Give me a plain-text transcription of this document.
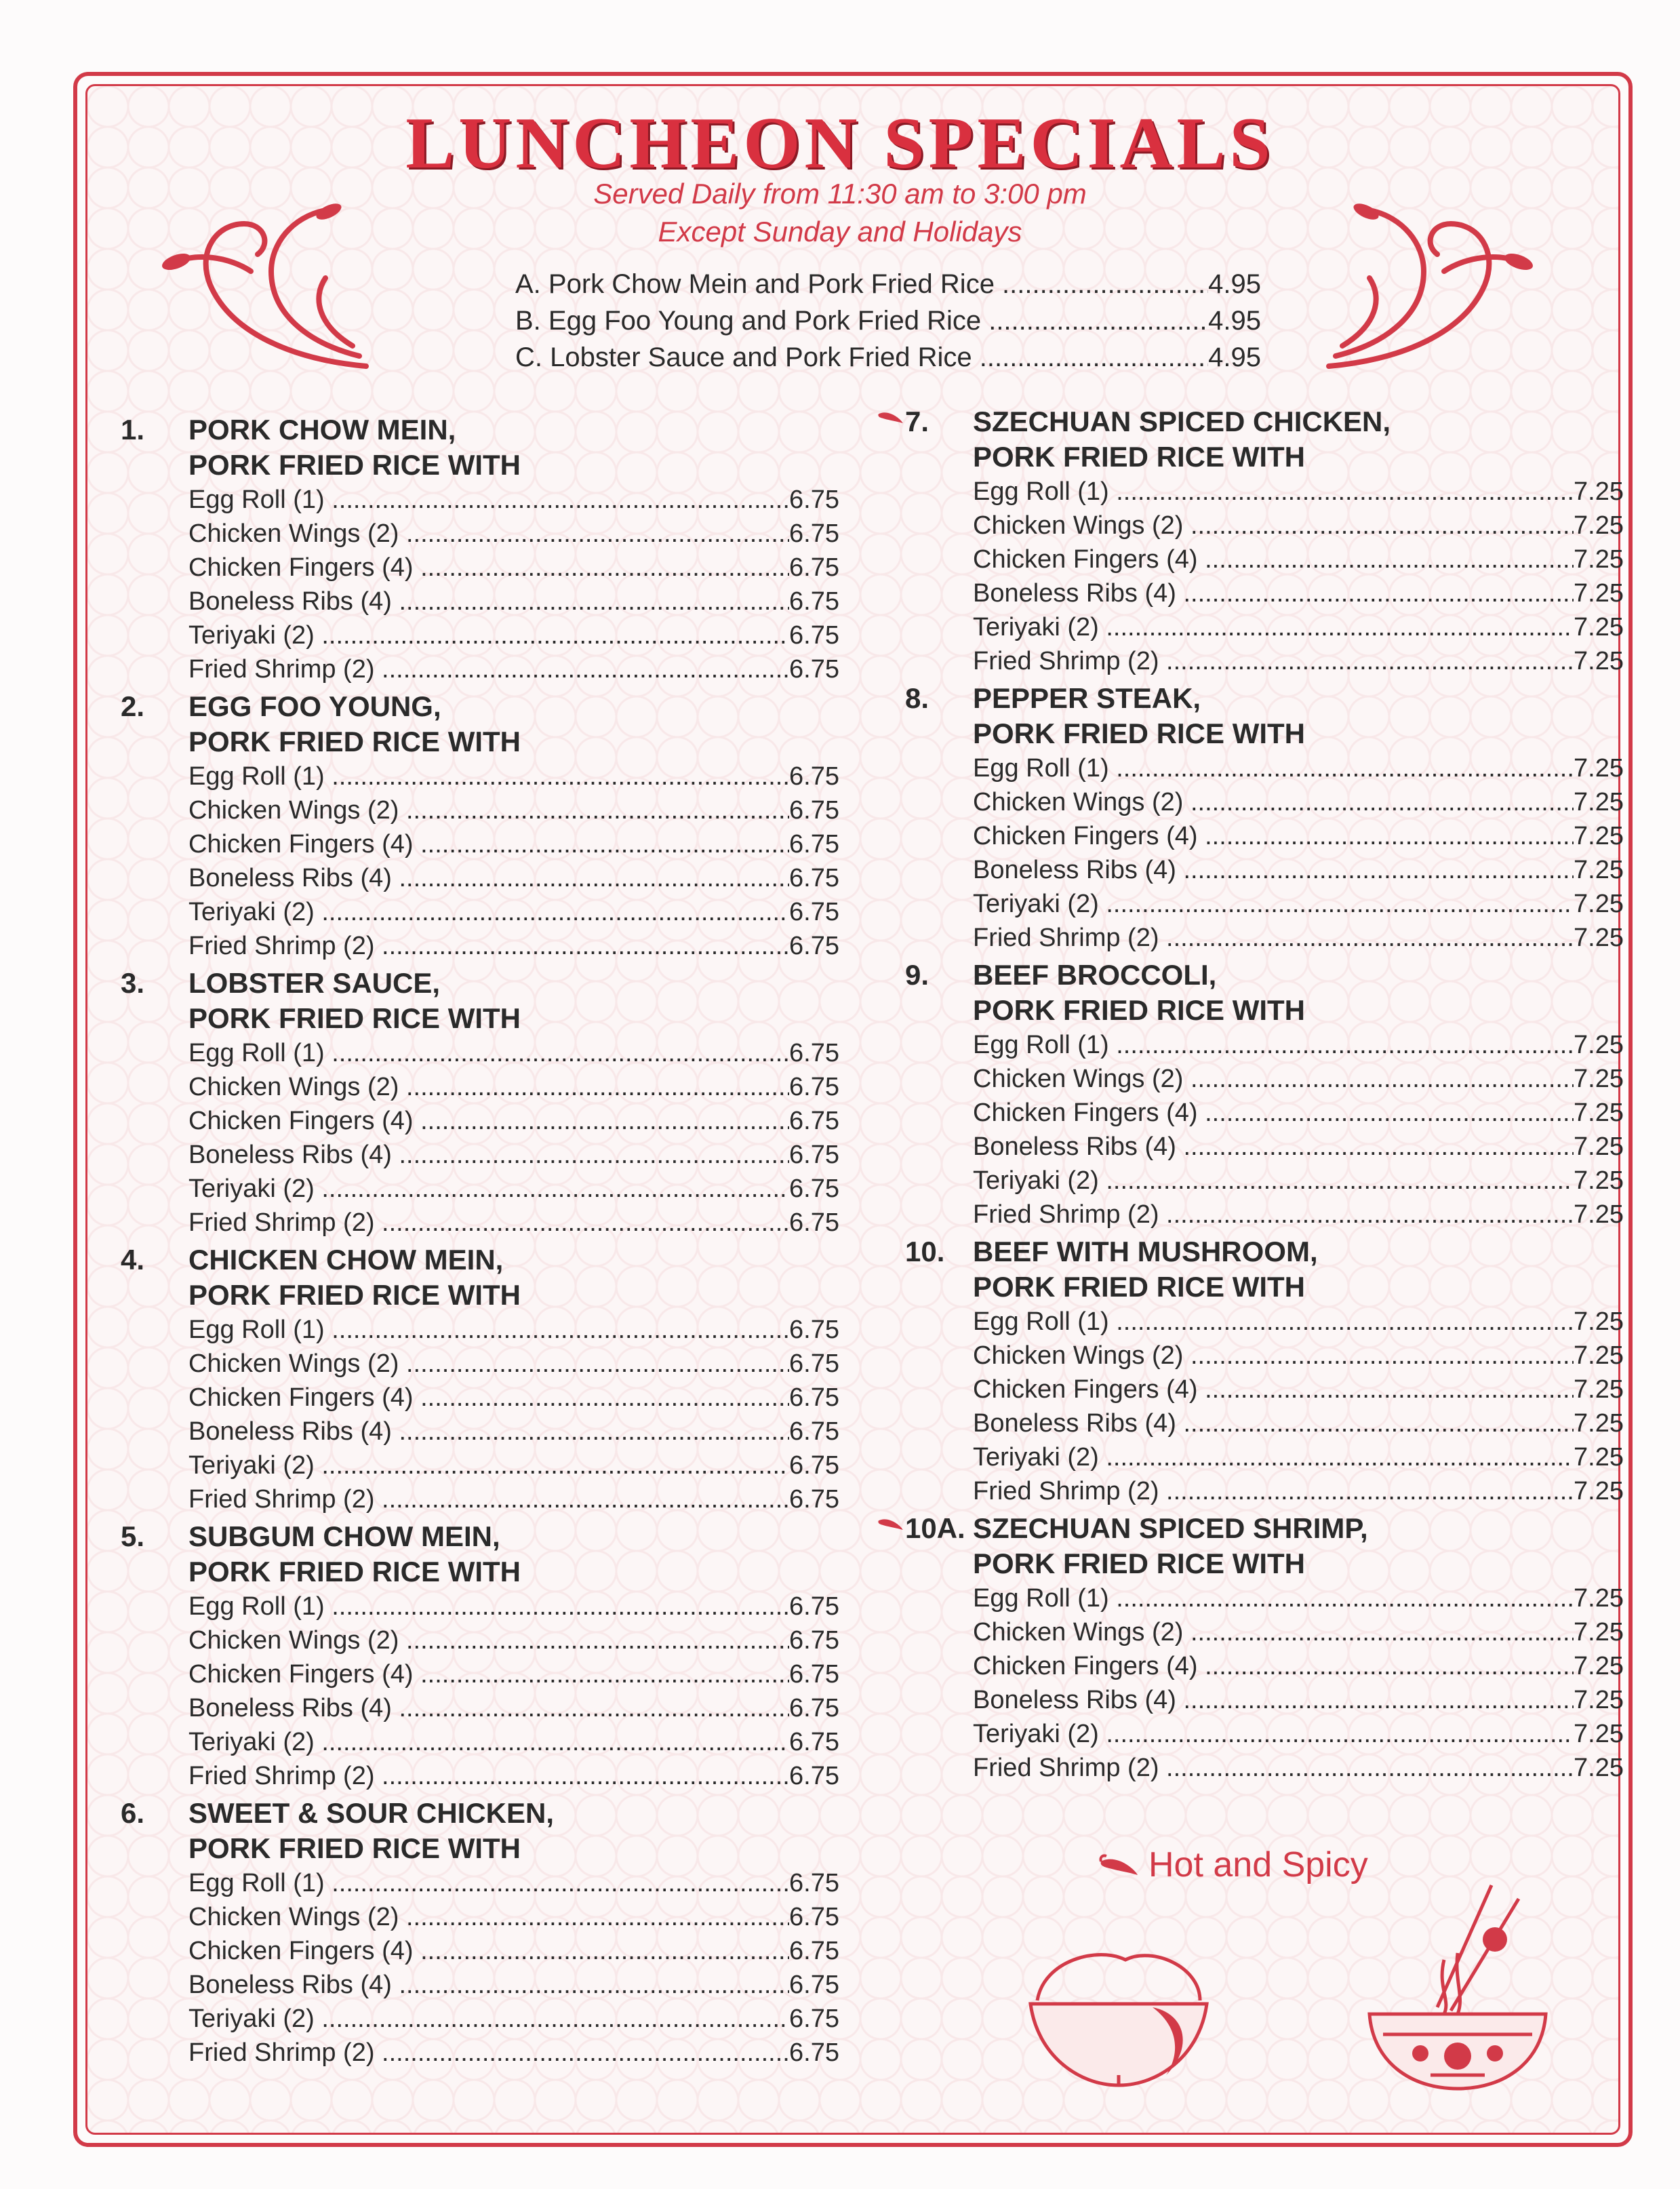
LUNCHEON SPECIALS
Served Daily from 11:30 am to 3:00 pm
Except Sunday and Holidays
A. Pork Chow Mein and Pork Fried Rice .....	4.95
B. Egg Foo Young and Pork Fried Rice .....	4.95
C. Lobster Sauce and Pork Fried Rice .....	4.95
1.	PORK CHOW MEIN,
PORK FRIED RICE WITH
Egg Roll (1) .....	6.75
Chicken Wings (2) .....	6.75
Chicken Fingers (4) .....	6.75
Boneless Ribs (4) .....	6.75
Teriyaki (2) .....	6.75
Fried Shrimp (2) .....	6.75
2.	EGG FOO YOUNG,
PORK FRIED RICE WITH
Egg Roll (1) .....	6.75
Chicken Wings (2) .....	6.75
Chicken Fingers (4) .....	6.75
Boneless Ribs (4) .....	6.75
Teriyaki (2) .....	6.75
Fried Shrimp (2) .....	6.75
3.	LOBSTER SAUCE,
PORK FRIED RICE WITH
Egg Roll (1) .....	6.75
Chicken Wings (2) .....	6.75
Chicken Fingers (4) .....	6.75
Boneless Ribs (4) .....	6.75
Teriyaki (2) .....	6.75
Fried Shrimp (2) .....	6.75
4.	CHICKEN CHOW MEIN,
PORK FRIED RICE WITH
Egg Roll (1) .....	6.75
Chicken Wings (2) .....	6.75
Chicken Fingers (4) .....	6.75
Boneless Ribs (4) .....	6.75
Teriyaki (2) .....	6.75
Fried Shrimp (2) .....	6.75
5.	SUBGUM CHOW MEIN,
PORK FRIED RICE WITH
Egg Roll (1) .....	6.75
Chicken Wings (2) .....	6.75
Chicken Fingers (4) .....	6.75
Boneless Ribs (4) .....	6.75
Teriyaki (2) .....	6.75
Fried Shrimp (2) .....	6.75
6.	SWEET & SOUR CHICKEN,
PORK FRIED RICE WITH
Egg Roll (1) .....	6.75
Chicken Wings (2) .....	6.75
Chicken Fingers (4) .....	6.75
Boneless Ribs (4) .....	6.75
Teriyaki (2) .....	6.75
Fried Shrimp (2) .....	6.75
7.	SZECHUAN SPICED CHICKEN,
PORK FRIED RICE WITH
Egg Roll (1) .....	7.25
Chicken Wings (2) .....	7.25
Chicken Fingers (4) .....	7.25
Boneless Ribs (4) .....	7.25
Teriyaki (2) .....	7.25
Fried Shrimp (2) .....	7.25
8.	PEPPER STEAK,
PORK FRIED RICE WITH
Egg Roll (1) .....	7.25
Chicken Wings (2) .....	7.25
Chicken Fingers (4) .....	7.25
Boneless Ribs (4) .....	7.25
Teriyaki (2) .....	7.25
Fried Shrimp (2) .....	7.25
9.	BEEF BROCCOLI,
PORK FRIED RICE WITH
Egg Roll (1) .....	7.25
Chicken Wings (2) .....	7.25
Chicken Fingers (4) .....	7.25
Boneless Ribs (4) .....	7.25
Teriyaki (2) .....	7.25
Fried Shrimp (2) .....	7.25
10. BEEF WITH MUSHROOM,
PORK FRIED RICE WITH
Egg Roll (1) .....	7.25
Chicken Wings (2) .....	7.25
Chicken Fingers (4) .....	7.25
Boneless Ribs (4) .....	7.25
Teriyaki (2) .....	7.25
Fried Shrimp (2) .....	7.25
10A. SZECHUAN SPICED SHRIMP,
PORK FRIED RICE WITH
Egg Roll (1) .....	7.25
Chicken Wings (2) .....	7.25
Chicken Fingers (4) .....	7.25
Boneless Ribs (4) .....	7.25
Teriyaki (2) .....	7.25
Fried Shrimp (2) .....	7.25
Hot and Spicy
